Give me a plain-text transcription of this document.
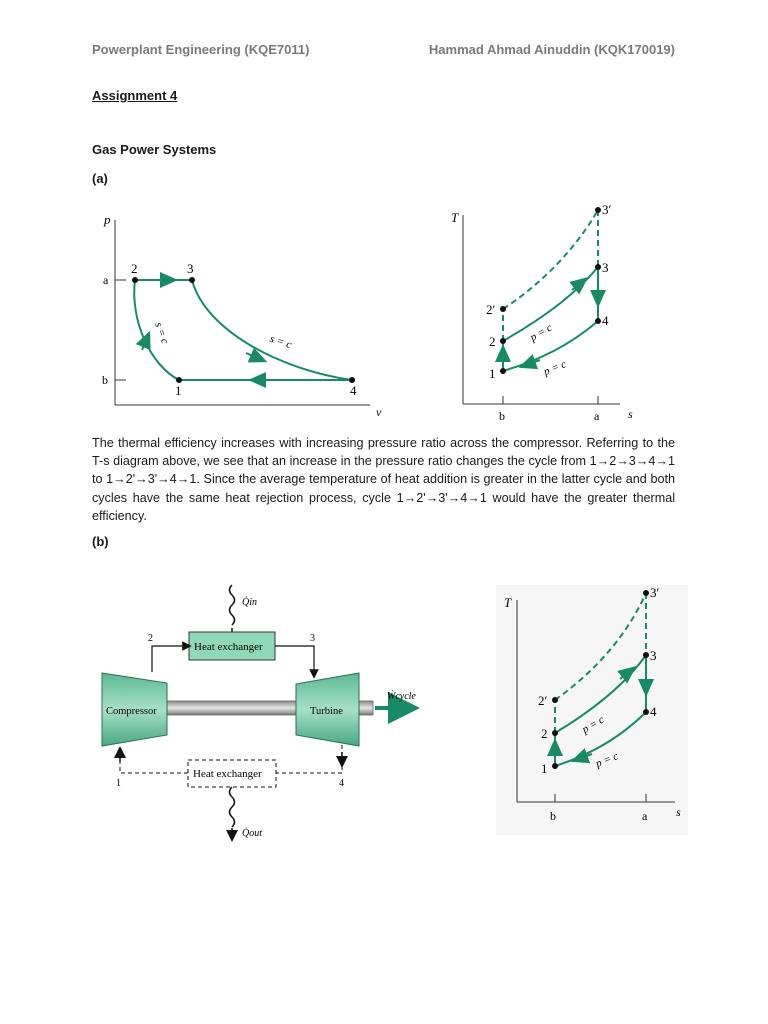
Powerplant Engineering (KQE7011)	Hammad Ahmad Ainuddin (KQK170019)
Assignment 4
Gas Power Systems
(a)
p
v
a
b
1
2	3
4
s = c	s = c
T
s
b	a
1
2
2′
3
3′
4
p = c
p = c

The thermal efficiency increases with increasing pressure ratio across the compressor. Referring to the T-s diagram above, we see that an increase in the pressure ratio changes the cycle from 1→2→3→4→1 to 1→2'→3'→4→1. Since the average temperature of heat addition is greater in the latter cycle and both cycles have the same heat rejection process, cycle 1→2'→3'→4→1 would have the greater thermal efficiency.

(b)
Q̇in
Heat exchanger
2	3
Compressor	Turbine
Ẇcycle
Heat exchanger
1	4
Q̇out
T
s
b	a
1
2
2′
3
3′
4
p = c
p = c
